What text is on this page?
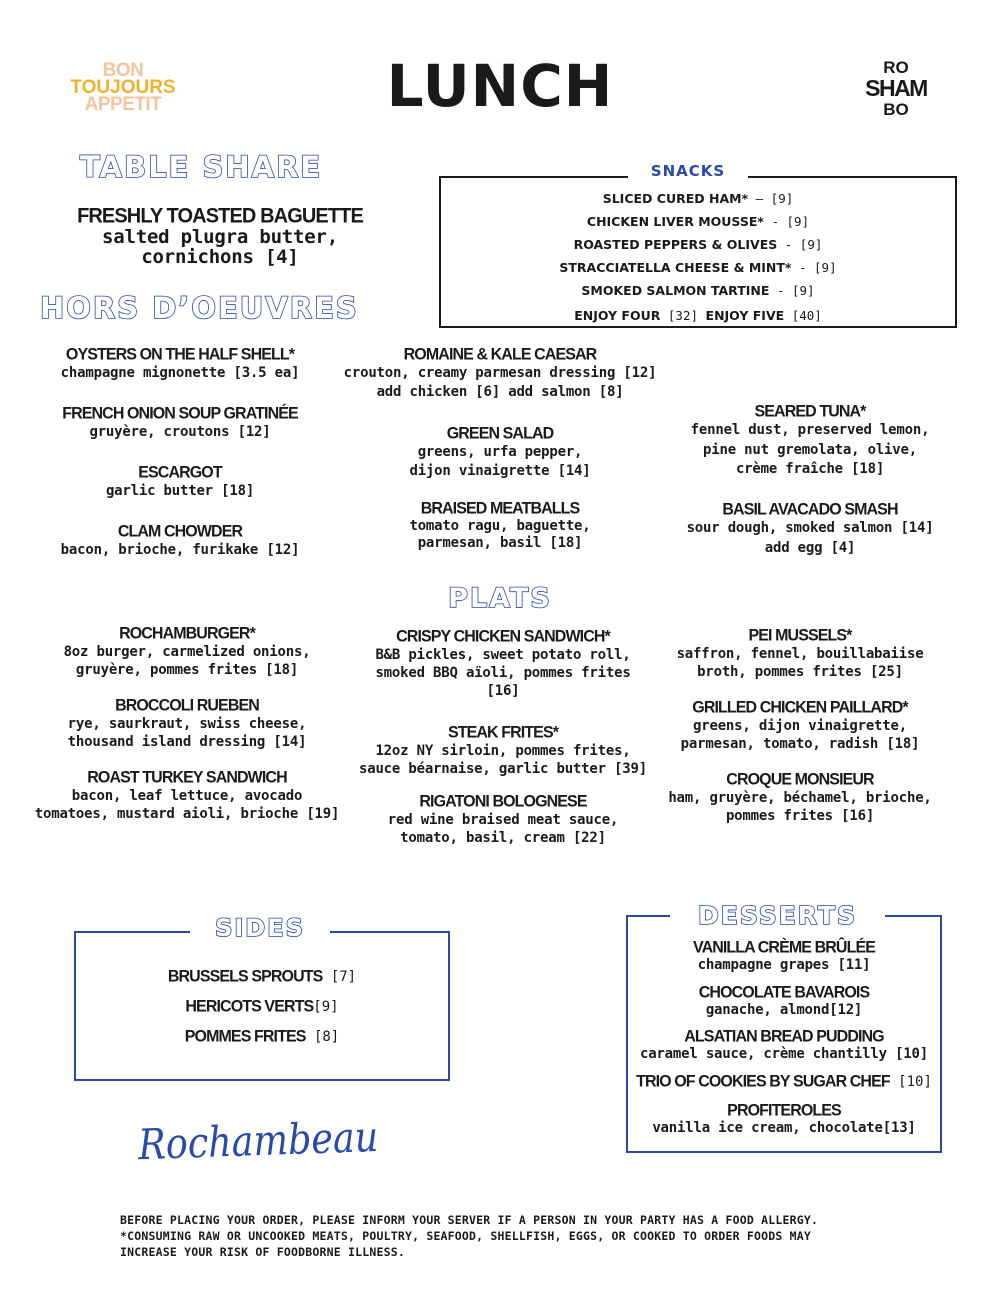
BON
TOUJOURS
APPETIT	LUNCH	RO
SHAM
BO
TABLE SHARE
FRESHLY TOASTED BAGUETTE
salted plugra butter,
cornichons [4]
SNACKS
SLICED CURED HAM* – [9]
CHICKEN LIVER MOUSSE* - [9]
ROASTED PEPPERS & OLIVES - [9]
STRACCIATELLA CHEESE & MINT* - [9]
SMOKED SALMON TARTINE - [9]
ENJOY FOUR [32] ENJOY FIVE [40]
HORS D’OEUVRES
OYSTERS ON THE HALF SHELL*
champagne mignonette [3.5 ea]
FRENCH ONION SOUP GRATINÉE
gruyère, croutons [12]
ESCARGOT
garlic butter [18]
CLAM CHOWDER
bacon, brioche, furikake [12]
ROMAINE & KALE CAESAR
crouton, creamy parmesan dressing [12]
add chicken [6] add salmon [8]
GREEN SALAD
greens, urfa pepper,
dijon vinaigrette [14]
BRAISED MEATBALLS
tomato ragu, baguette,
parmesan, basil [18]
SEARED TUNA*
fennel dust, preserved lemon,
pine nut gremolata, olive,
crème fraîche [18]
BASIL AVACADO SMASH
sour dough, smoked salmon [14]
add egg [4]
PLATS
ROCHAMBURGER*
8oz burger, carmelized onions,
gruyère, pommes frites [18]
BROCCOLI RUEBEN
rye, saurkraut, swiss cheese,
thousand island dressing [14]
ROAST TURKEY SANDWICH
bacon, leaf lettuce, avocado
tomatoes, mustard aioli, brioche [19]
CRISPY CHICKEN SANDWICH*
B&B pickles, sweet potato roll,
smoked BBQ aïoli, pommes frites
[16]
STEAK FRITES*
12oz NY sirloin, pommes frites,
sauce béarnaise, garlic butter [39]
RIGATONI BOLOGNESE
red wine braised meat sauce,
tomato, basil, cream [22]
PEI MUSSELS*
saffron, fennel, bouillabaiise
broth, pommes frites [25]
GRILLED CHICKEN PAILLARD*
greens, dijon vinaigrette,
parmesan, tomato, radish [18]
CROQUE MONSIEUR
ham, gruyère, béchamel, brioche,
pommes frites [16]
SIDES
BRUSSELS SPROUTS [7]
HERICOTS VERTS[9]
POMMES FRITES [8]
DESSERTS
VANILLA CRÈME BRÛLÉE
champagne grapes [11]
CHOCOLATE BAVAROIS
ganache, almond[12]
ALSATIAN BREAD PUDDING
caramel sauce, crème chantilly [10]
TRIO OF COOKIES BY SUGAR CHEF [10]
PROFITEROLES
vanilla ice cream, chocolate[13]
Rochambeau
BEFORE PLACING YOUR ORDER, PLEASE INFORM YOUR SERVER IF A PERSON IN YOUR PARTY HAS A FOOD ALLERGY.
*CONSUMING RAW OR UNCOOKED MEATS, POULTRY, SEAFOOD, SHELLFISH, EGGS, OR COOKED TO ORDER FOODS MAY
INCREASE YOUR RISK OF FOODBORNE ILLNESS.
